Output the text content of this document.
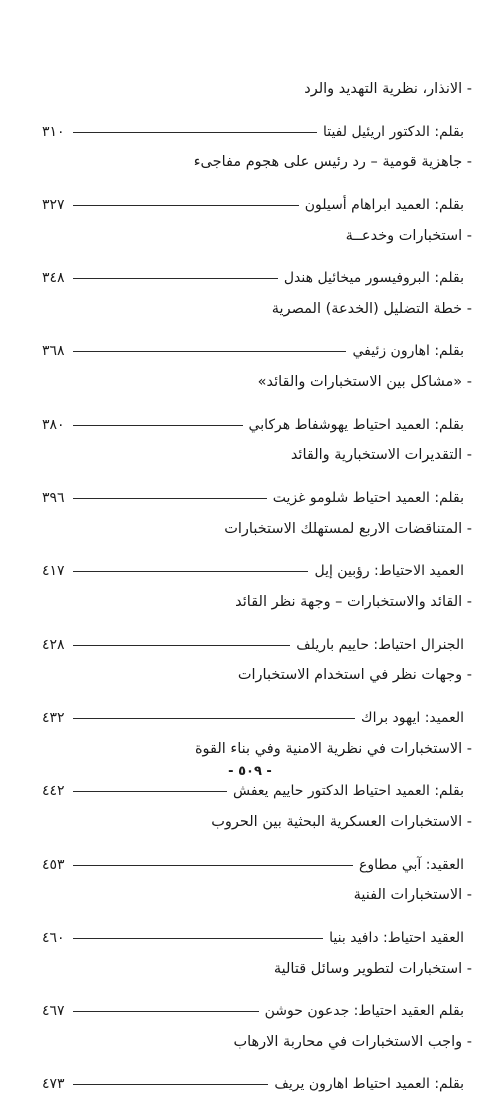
- الانذار، نظرية التهديد والرد
٣١٠	بقلم: الدكتور اريئيل لفيتا
- جاهزية قومية – رد رئيس على هجوم مفاجىء
٣٢٧	بقلم: العميد ابراهام أسيلون
- استخبارات وخدعــة
٣٤٨	بقلم: البروفيسور ميخائيل هندل
- خطة التضليل (الخدعة) المصرية
٣٦٨	بقلم: اهارون زئيفي
- «مشاكل بين الاستخبارات والقائد»
٣٨٠	بقلم: العميد احتياط يهوشفاط هركابي
- التقديرات الاستخبارية والقائد
٣٩٦	بقلم: العميد احتياط شلومو غزيت
- المتناقضات الاربع لمستهلك الاستخبارات
٤١٧	العميد الاحتياط: رؤبين إيل
- القائد والاستخبارات – وجهة نظر القائد
٤٢٨	الجنرال احتياط: حاييم باريلف
- وجهات نظر في استخدام الاستخبارات
٤٣٢	العميد: ايهود براك
- الاستخبارات في نظرية الامنية وفي بناء القوة
٤٤٢	بقلم: العميد احتياط الدكتور حاييم يعفش
- الاستخبارات العسكرية البحثية بين الحروب
٤٥٣	العقيد: آبي مطاوع
- الاستخبارات الفنية
٤٦٠	العقيد احتياط: دافيد بنيا
- استخبارات لتطوير وسائل قتالية
٤٦٧	بقلم العقيد احتياط: جدعون حوشن
- واجب الاستخبارات في محاربة الارهاب
٤٧٣	بقلم: العميد احتياط اهارون يريف
- ٥٠٩ -
